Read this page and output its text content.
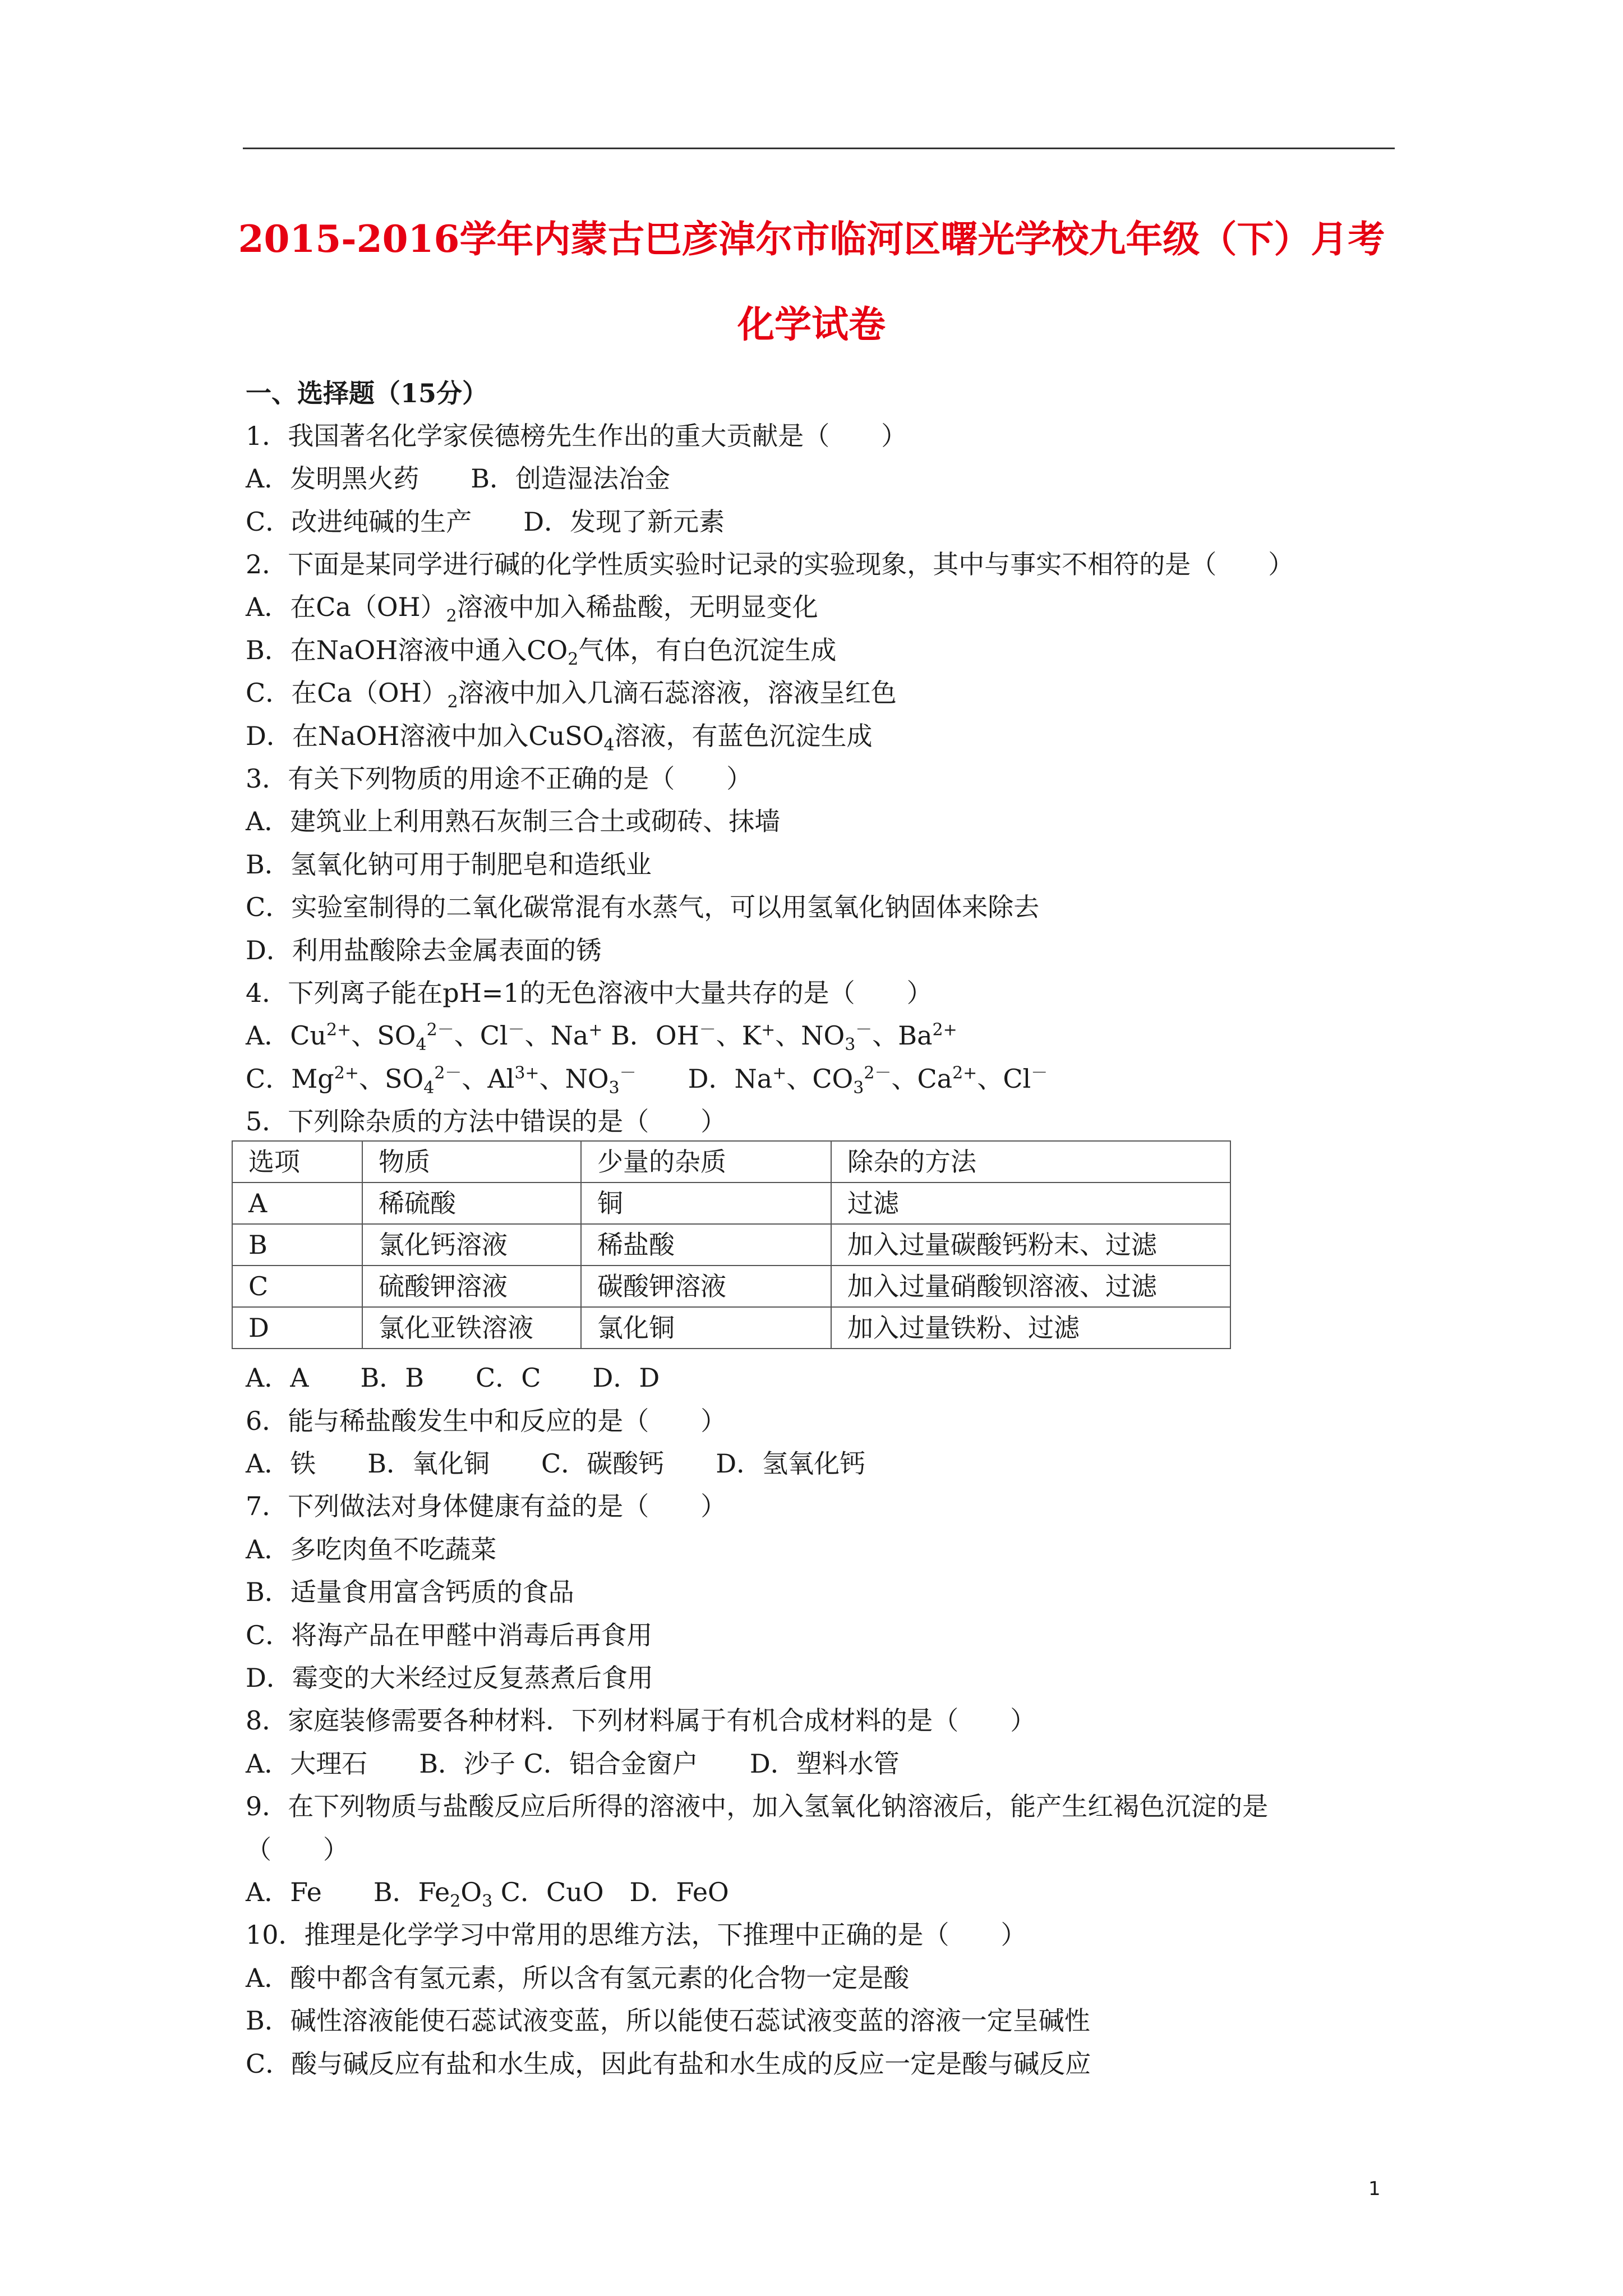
2015-2016学年内蒙古巴彦淖尔市临河区曙光学校九年级（下）月考
化学试卷
一、选择题（15分）
1．我国著名化学家侯德榜先生作出的重大贡献是（　　）
A．发明黑火药　　B．创造湿法冶金
C．改进纯碱的生产　　D．发现了新元素
2．下面是某同学进行碱的化学性质实验时记录的实验现象，其中与事实不相符的是（　　）
A．在$Ca(OH)_2$溶液中加入稀盐酸，无明显变化
B．在NaOH溶液中通入$CO_2$气体，有白色沉淀生成
C．在$Ca(OH)_2$溶液中加入几滴石蕊溶液，溶液呈红色
D．在NaOH溶液中加入CuSO$_4$溶液，有蓝色沉淀生成
3．有关下列物质的用途不正确的是（　　）
A．建筑业上利用熟石灰制三合土或砌砖、抹墙
B．氢氧化钠可用于制肥皂和造纸业
C．实验室制得的二氧化碳常混有水蒸气，可以用氢氧化钠固体来除去
D．利用盐酸除去金属表面的锈
4．下列离子能在pH=1的无色溶液中大量共存的是（　　）
A．$Cu^{2+}$、$SO_4^{2-}$、Cl－、Na+ B．OH－、K+、$NO_3^-$、$Ba^{2+}$
C．$Mg^{2+}$、$SO_4^{2-}$、$Al^{3+}$、$NO_3^-$　　D．Na+、$CO_3^{2-}$、$Ca^{2+}$、Cl－
5．下列除杂质的方法中错误的是（　　）
选项	物质	少量的杂质	除杂的方法
A	稀硫酸	铜	过滤
B	氯化钙溶液	稀盐酸	加入过量碳酸钙粉末、过滤
C	硫酸钾溶液	碳酸钾溶液	加入过量硝酸钡溶液、过滤
D	氯化亚铁溶液	氯化铜	加入过量铁粉、过滤
A．A　　B．B　　C．C　　D．D
6．能与稀盐酸发生中和反应的是（　　）
A．铁　　B．氧化铜　　C．碳酸钙　　D．氢氧化钙
7．下列做法对身体健康有益的是（　　）
A．多吃肉鱼不吃蔬菜
B．适量食用富含钙质的食品
C．将海产品在甲醛中消毒后再食用
D．霉变的大米经过反复蒸煮后食用
8．家庭装修需要各种材料．下列材料属于有机合成材料的是（　　）
A．大理石　　B．沙子 C．铝合金窗户　　D．塑料水管
9．在下列物质与盐酸反应后所得的溶液中，加入氢氧化钠溶液后，能产生红褐色沉淀的是
（　　）
A．Fe　　B．$Fe_2O_3$ C．CuO　D．FeO
10．推理是化学学习中常用的思维方法，下推理中正确的是（　　）
A．酸中都含有氢元素，所以含有氢元素的化合物一定是酸
B．碱性溶液能使石蕊试液变蓝，所以能使石蕊试液变蓝的溶液一定呈碱性
C．酸与碱反应有盐和水生成，因此有盐和水生成的反应一定是酸与碱反应
1
